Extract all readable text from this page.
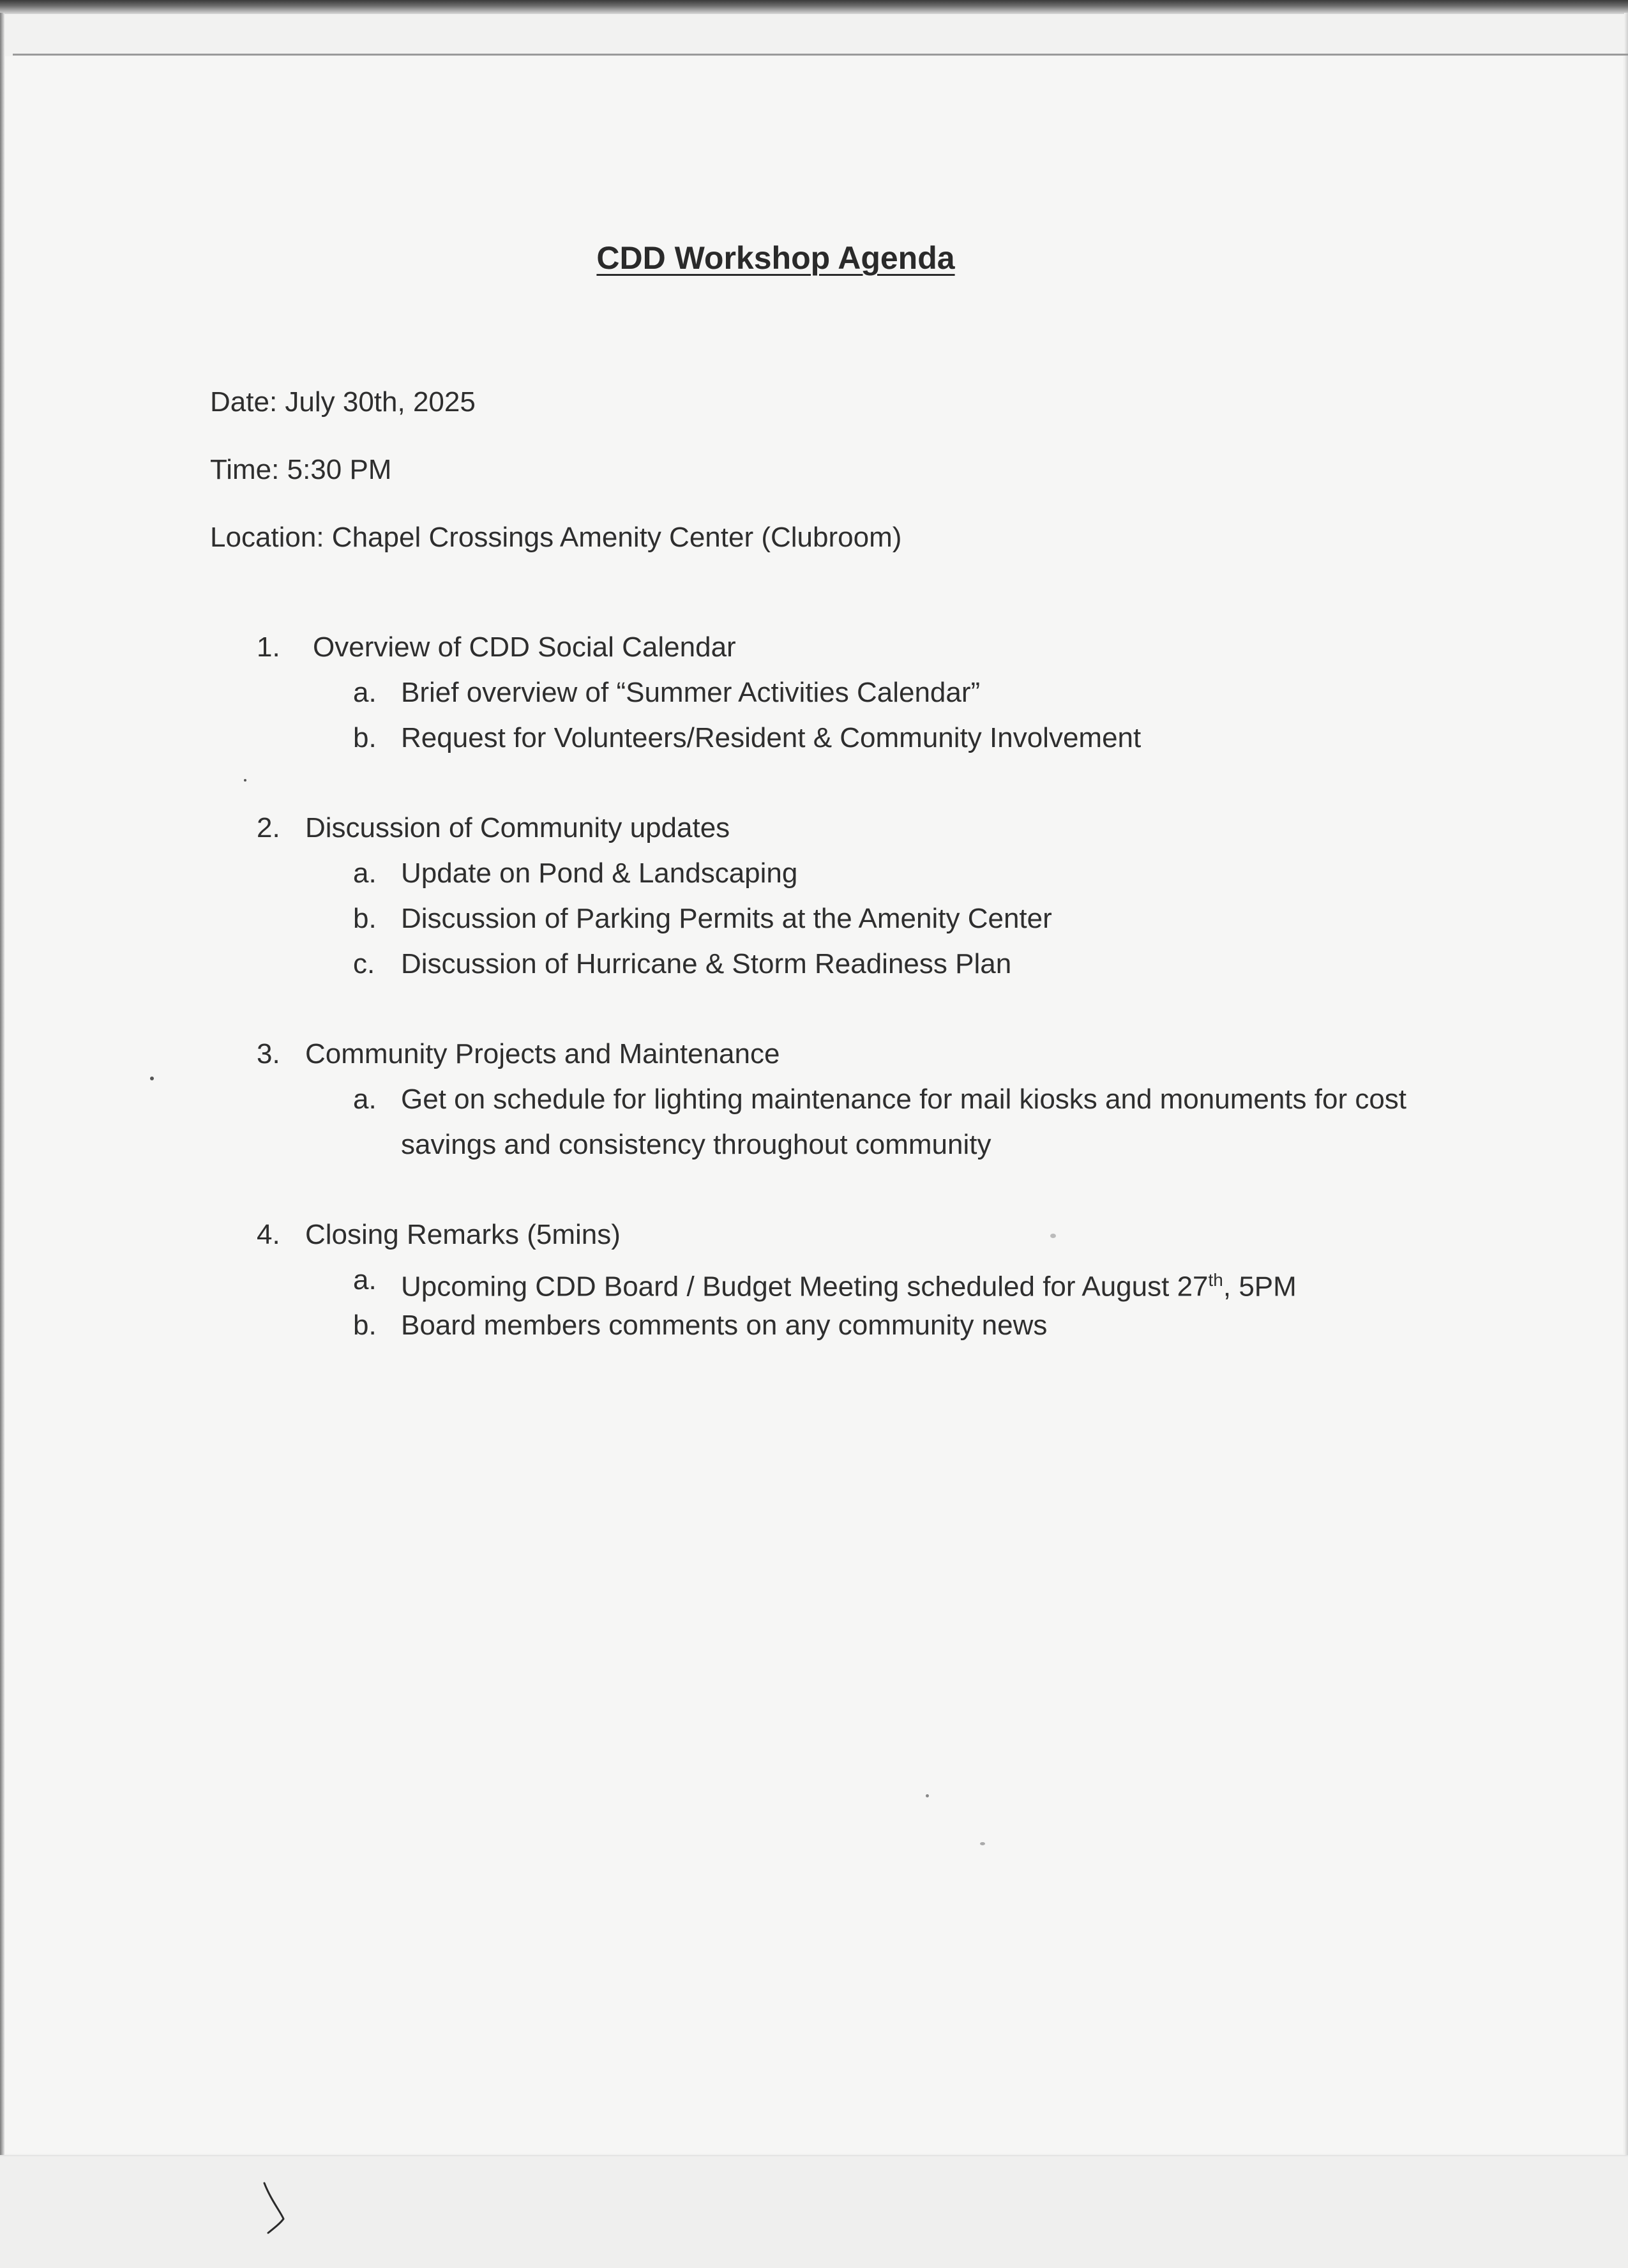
CDD Workshop Agenda
Date: July 30th, 2025
Time: 5:30 PM
Location: Chapel Crossings Amenity Center (Clubroom)
1. Overview of CDD Social Calendar
a. Brief overview of “Summer Activities Calendar”
b. Request for Volunteers/Resident & Community Involvement
2. Discussion of Community updates
a. Update on Pond & Landscaping
b. Discussion of Parking Permits at the Amenity Center
c. Discussion of Hurricane & Storm Readiness Plan
3. Community Projects and Maintenance
a. Get on schedule for lighting maintenance for mail kiosks and monuments for cost
savings and consistency throughout community
4. Closing Remarks (5mins)
a. Upcoming CDD Board / Budget Meeting scheduled for August 27th, 5PM
b. Board members comments on any community news
